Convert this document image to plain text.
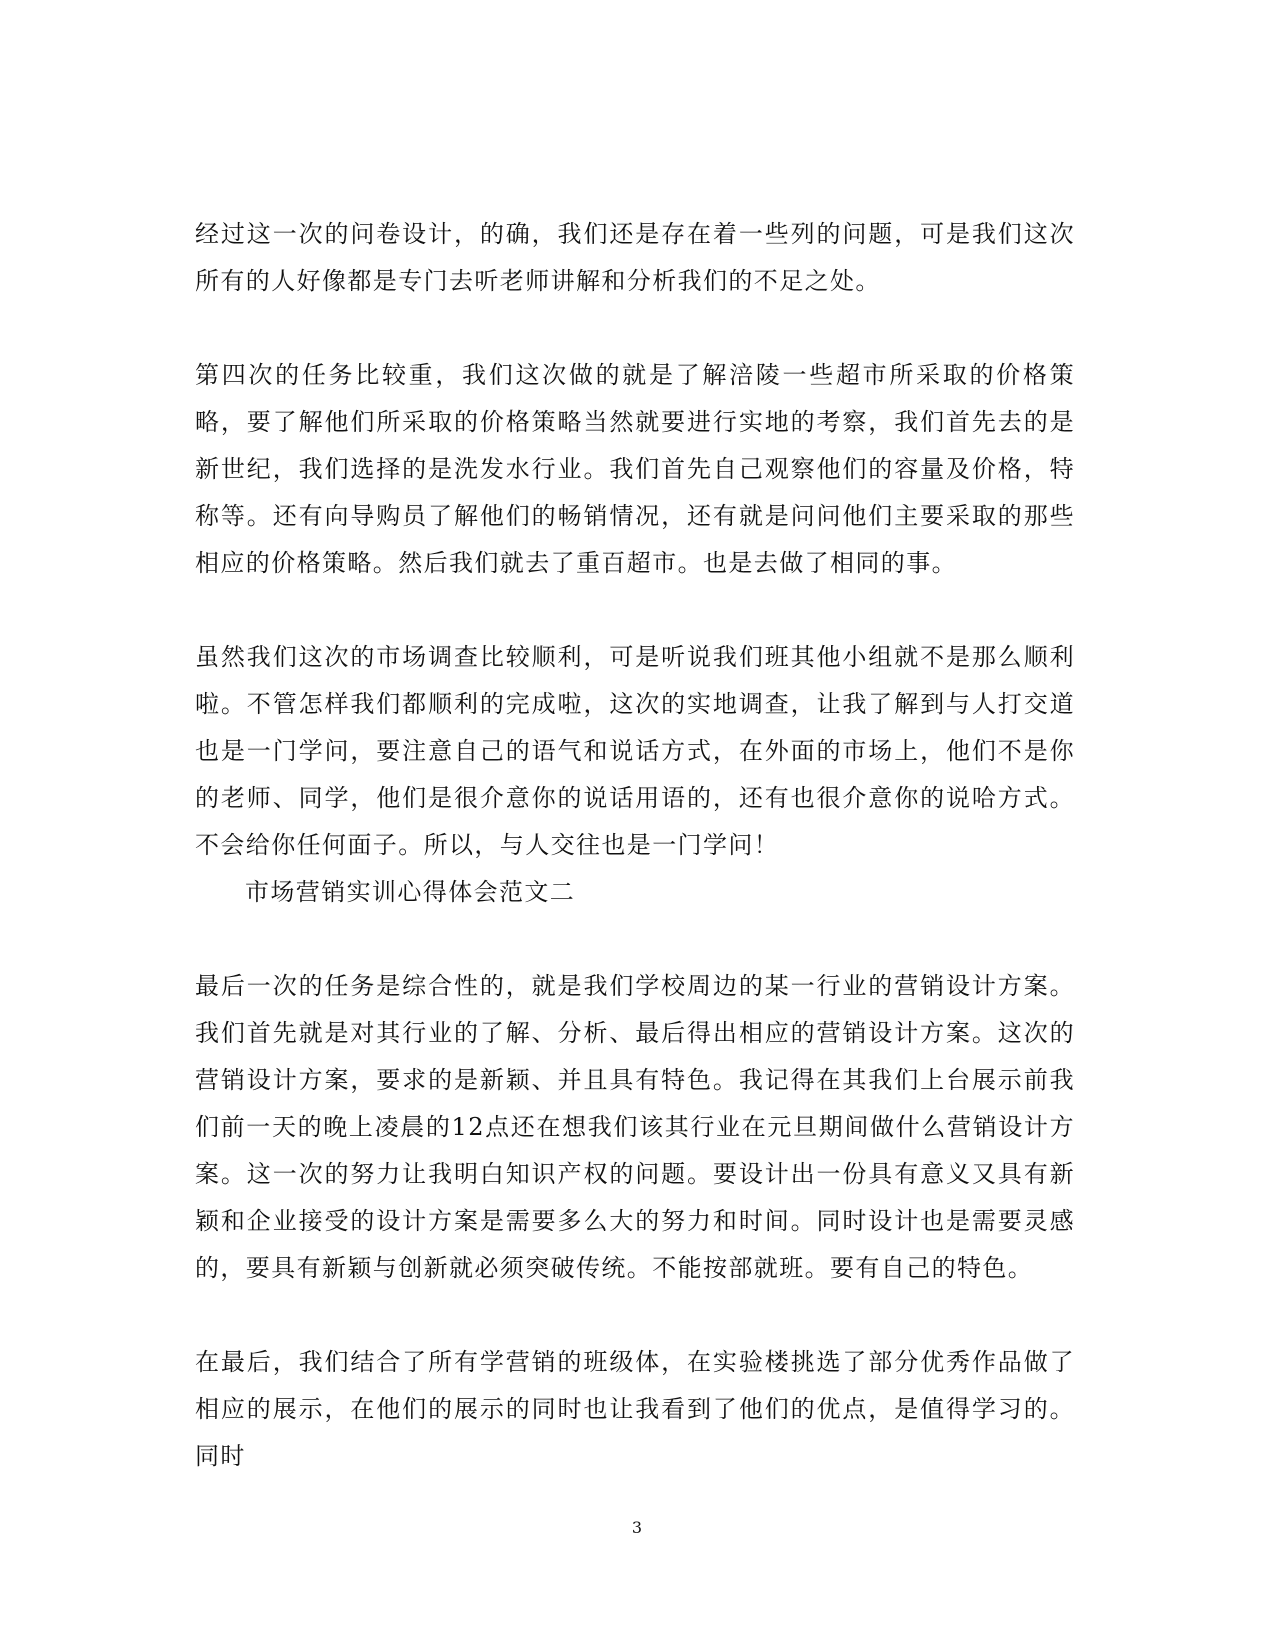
经过这一次的问卷设计，的确，我们还是存在着一些列的问题，可是我们这次所有的人好像都是专门去听老师讲解和分析我们的不足之处。

第四次的任务比较重，我们这次做的就是了解涪陵一些超市所采取的价格策略，要了解他们所采取的价格策略当然就要进行实地的考察，我们首先去的是新世纪，我们选择的是洗发水行业。我们首先自己观察他们的容量及价格，特称等。还有向导购员了解他们的畅销情况，还有就是问问他们主要采取的那些相应的价格策略。然后我们就去了重百超市。也是去做了相同的事。

虽然我们这次的市场调查比较顺利，可是听说我们班其他小组就不是那么顺利啦。不管怎样我们都顺利的完成啦，这次的实地调查，让我了解到与人打交道也是一门学问，要注意自己的语气和说话方式，在外面的市场上，他们不是你的老师、同学，他们是很介意你的说话用语的，还有也很介意你的说哈方式。不会给你任何面子。所以，与人交往也是一门学问！

市场营销实训心得体会范文二

最后一次的任务是综合性的，就是我们学校周边的某一行业的营销设计方案。我们首先就是对其行业的了解、分析、最后得出相应的营销设计方案。这次的营销设计方案，要求的是新颖、并且具有特色。我记得在其我们上台展示前我们前一天的晚上凌晨的12点还在想我们该其行业在元旦期间做什么营销设计方案。这一次的努力让我明白知识产权的问题。要设计出一份具有意义又具有新颖和企业接受的设计方案是需要多么大的努力和时间。同时设计也是需要灵感的，要具有新颖与创新就必须突破传统。不能按部就班。要有自己的特色。

在最后，我们结合了所有学营销的班级体，在实验楼挑选了部分优秀作品做了相应的展示，在他们的展示的同时也让我看到了他们的优点，是值得学习的。同时

3
